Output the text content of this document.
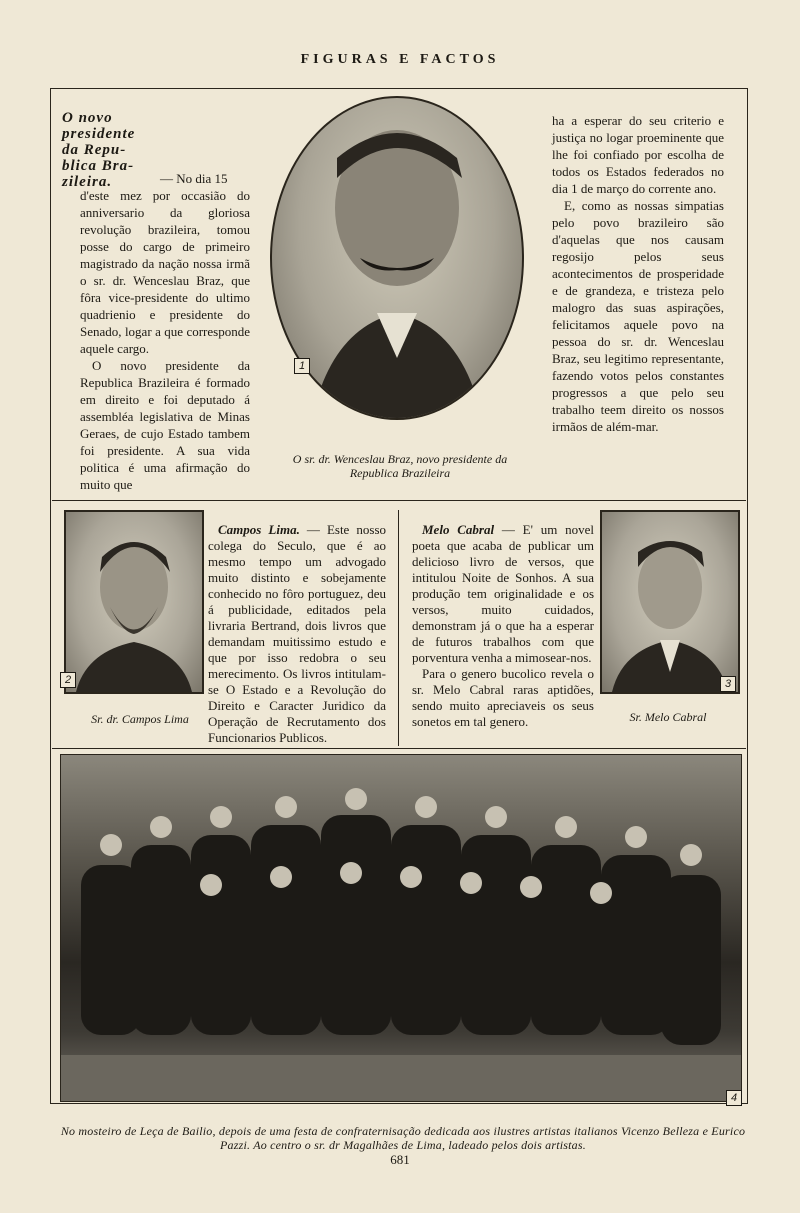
FIGURAS E FACTOS
O novo
presidente
da Repu-
blica Bra-
zileira.	— No dia 15

d'este mez por occasião do anniversario da gloriosa revolução brazileira, tomou posse do cargo de primeiro magistrado da nação nossa irmã o sr. dr. Wenceslau Braz, que fôra vice-presidente do ultimo quadrienio e presidente do Senado, logar a que corresponde aquele cargo.

O novo presidente da Republica Brazileira é formado em direito e foi deputado á assembléa legislativa de Minas Geraes, de cujo Estado tambem foi presidente. A sua vida politica é uma afirmação do muito que

1
O sr. dr. Wenceslau Braz, novo presidente da Republica Brazileira

ha a esperar do seu criterio e justiça no logar proeminente que lhe foi confiado por escolha de todos os Estados federados no dia 1 de março do corrente ano.

E, como as nossas simpatias pelo povo brazileiro são d'aquelas que nos causam regosijo pelos seus acontecimentos de prosperidade e de grandeza, e tristeza pelo malogro das suas aspirações, felicitamos aquele povo na pessoa do sr. dr. Wenceslau Braz, seu legitimo representante, fazendo votos pelos constantes progressos a que pelo seu trabalho teem direito os nossos irmãos de além-mar.

2
Sr. dr. Campos Lima

Campos Lima. — Este nosso colega do Seculo, que é ao mesmo tempo um advogado muito distinto e sobejamente conhecido no fôro portuguez, deu á publicidade, editados pela livraria Bertrand, dois livros que demandam muitissimo estudo e que por isso redobra o seu merecimento. Os livros intitulam-se O Estado e a Revolução do Direito e Caracter Juridico da Operação de Recrutamento dos Funcionarios Publicos.

Melo Cabral — E' um novel poeta que acaba de publicar um delicioso livro de versos, que intitulou Noite de Sonhos. A sua produção tem originalidade e os versos, muito cuidados, demonstram já o que ha a esperar de futuros trabalhos com que porventura venha a mimosear-nos.

Para o genero bucolico revela o sr. Melo Cabral raras aptidões, sendo muito apreciaveis os seus sonetos em tal genero.

3
Sr. Melo Cabral
4
No mosteiro de Leça de Bailio, depois de uma festa de confraternisação dedicada aos ilustres artistas italianos Vicenzo Belleza e Eurico Pazzi. Ao centro o sr. dr Magalhães de Lima, ladeado pelos dois artistas.
681
